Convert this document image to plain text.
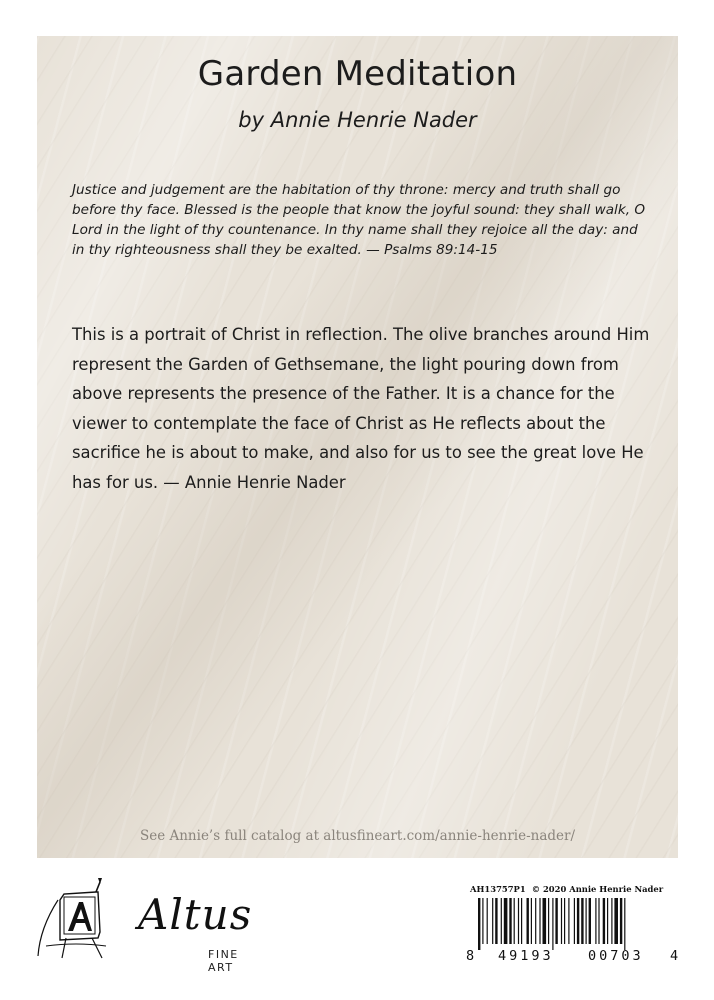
Garden Meditation
by Annie Henrie Nader

Justice and judgement are the habitation of thy throne: mercy and truth shall go before thy face. Blessed is the people that know the joyful sound: they shall walk, O Lord in the light of thy countenance. In thy name shall they rejoice all the day: and in thy righteousness shall they be exalted. — Psalms 89:14-15

This is a portrait of Christ in reflection. The olive branches around Him represent the Garden of Gethsemane, the light pouring down from above represents the presence of the Father. It is a chance for the viewer to contemplate the face of Christ as He reflects about the sacrifice he is about to make, and also for us to see the great love He has for us. — Annie Henrie Nader

See Annie’s full catalog at altusfineart.com/annie-henrie-nader/
Altus
FINE ART
AH13757P1 © 2020 Annie Henrie Nader
8 49193	00703 4
